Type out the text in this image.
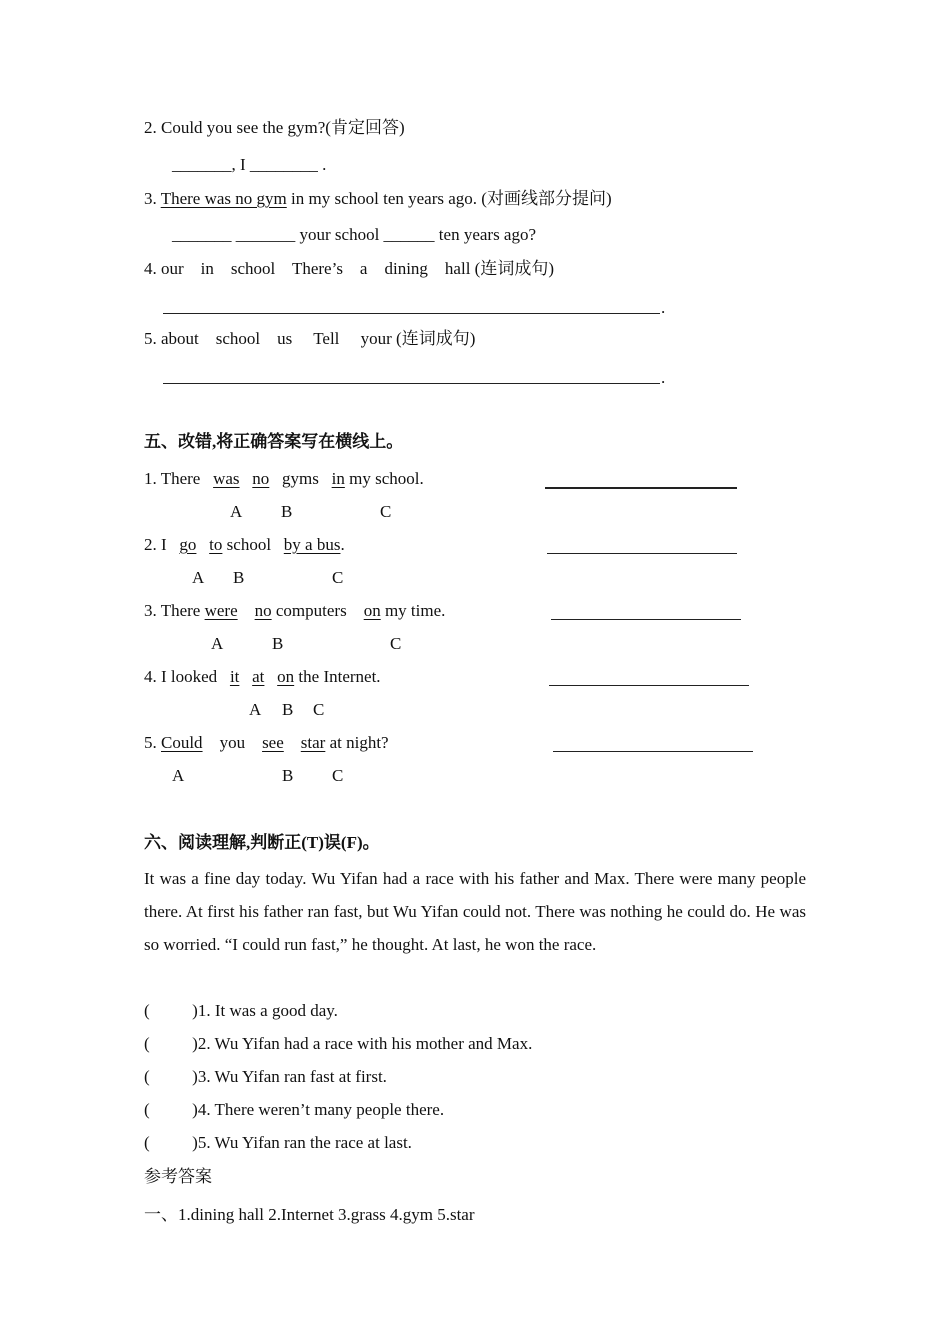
2. Could you see the gym?(肯定回答)
_______, I ________ .
3. There was no gym in my school ten years ago. (对画线部分提问)
_______ _______ your school ______ ten years ago?
4. our    in    school    There’s    a    dining    hall (连词成句)
.
5. about    school    us     Tell     your (连词成句)
.
五、改错,将正确答案写在横线上。
1. There   was no   gyms   in my school.
A B	C
2. I   go to school   by a bus.
A B	C
3. There were no computers    on my time.
A	B	C
4. I looked   it at on the Internet.
A B C
5. Could    you    see star at night?
A	B C
六、阅读理解,判断正(T)误(F)。
It was a fine day today. Wu Yifan had a race with his father and Max. There were many people there. At first his father ran fast, but Wu Yifan could not. There was nothing he could do. He was so worried. “I could run fast,” he thought. At last, he won the race.
(          )1. It was a good day.
(          )2. Wu Yifan had a race with his mother and Max.
(          )3. Wu Yifan ran fast at first.
(          )4. There weren’t many people there.
(          )5. Wu Yifan ran the race at last.
参考答案
一、1.dining hall 2.Internet 3.grass 4.gym 5.star
